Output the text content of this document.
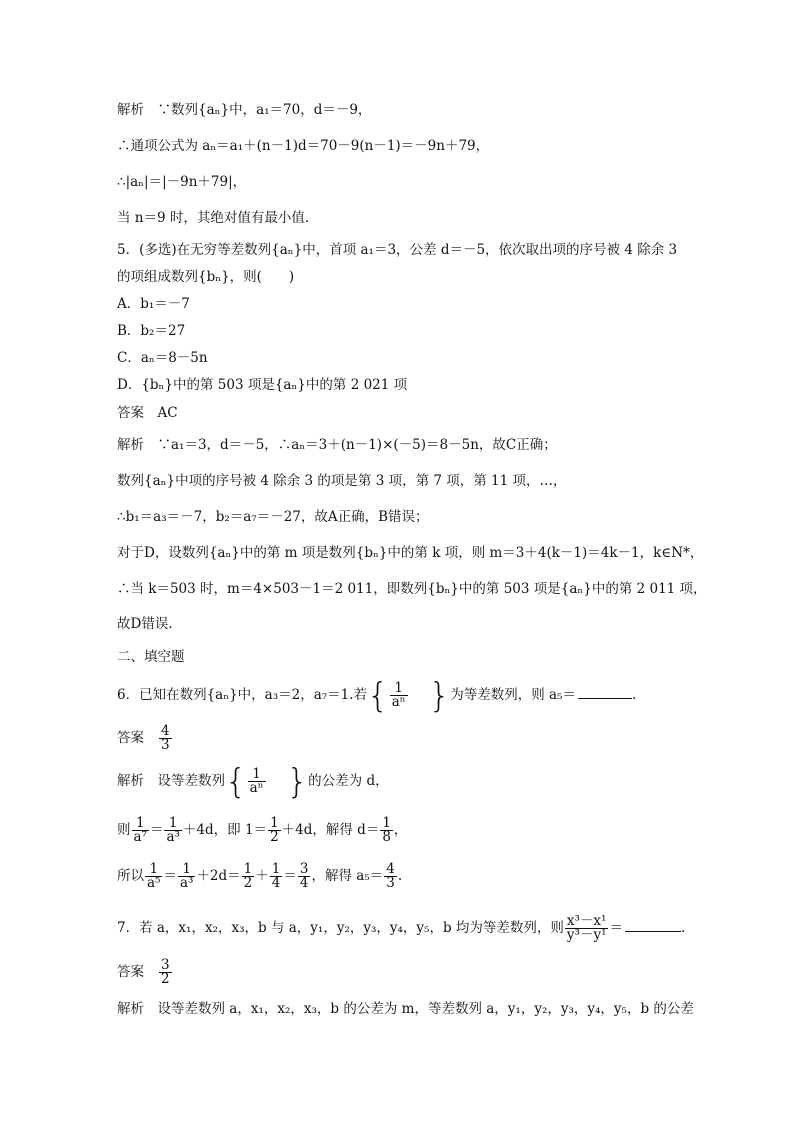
解析　∵数列{aₙ}中，a₁＝70，d＝－9，
∴通项公式为 aₙ＝a₁＋(n－1)d＝70－9(n－1)＝－9n＋79，
∴|aₙ|＝|－9n＋79|，
当 n＝9 时，其绝对值有最小值．
5．(多选)在无穷等差数列{aₙ}中，首项 a₁＝3，公差 d＝－5，依次取出项的序号被 4 除余 3
的项组成数列{bₙ}，则(　　)
A．b₁＝－7
B．b₂＝27
C．aₙ＝8－5n
D．{bₙ}中的第 503 项是{aₙ}中的第 2 021 项
答案　AC
解析　∵a₁＝3，d＝－5，∴aₙ＝3＋(n－1)×(－5)＝8－5n，故C正确；
数列{aₙ}中项的序号被 4 除余 3 的项是第 3 项，第 7 项，第 11 项，…，
∴b₁＝a₃＝－7，b₂＝a₇＝－27，故A正确，B错误；
对于D，设数列{aₙ}中的第 m 项是数列{bₙ}中的第 k 项，则 m＝3＋4(k－1)＝4k－1，k∈N*，
∴当 k＝503 时，m＝4×503－1＝2 011，即数列{bₙ}中的第 503 项是{aₙ}中的第 2 011 项，
故D错误．
二、填空题
6．已知在数列{aₙ}中，a₃＝2，a₇＝1.若 { $\frac{1}{\text{aⁿ}}$ } 为等差数列，则 a₅＝	.
答案 $\frac{4}{3}$
解析　设等差数列 { $\frac{1}{\text{aⁿ}}$ } 的公差为 d，
则 $\frac{1}{\text{a⁷}} = \frac{1}{\text{a³}} +4d$，即 $1= \frac{1}{2} +4d$，解得 $d= \frac{1}{8}$ ，
所以 $\frac{1}{\text{a⁵}} = \frac{1}{\text{a³}} +2d= \frac{1}{2} + \frac{1}{4} = \frac{3}{4}$ ，解得 $a_5= \frac{4}{3}$ .
7．若 a，x₁，x₂，x₃，b 与 a，y₁，y₂，y₃，y₄，y₅，b 均为等差数列，则 $\frac{\text{x³－x¹}}{\text{y³－y¹}}$ ＝	.
答案 $\frac{3}{2}$
解析　设等差数列 a，x₁，x₂，x₃，b 的公差为 m，等差数列 a，y₁，y₂，y₃，y₄，y₅，b 的公差
